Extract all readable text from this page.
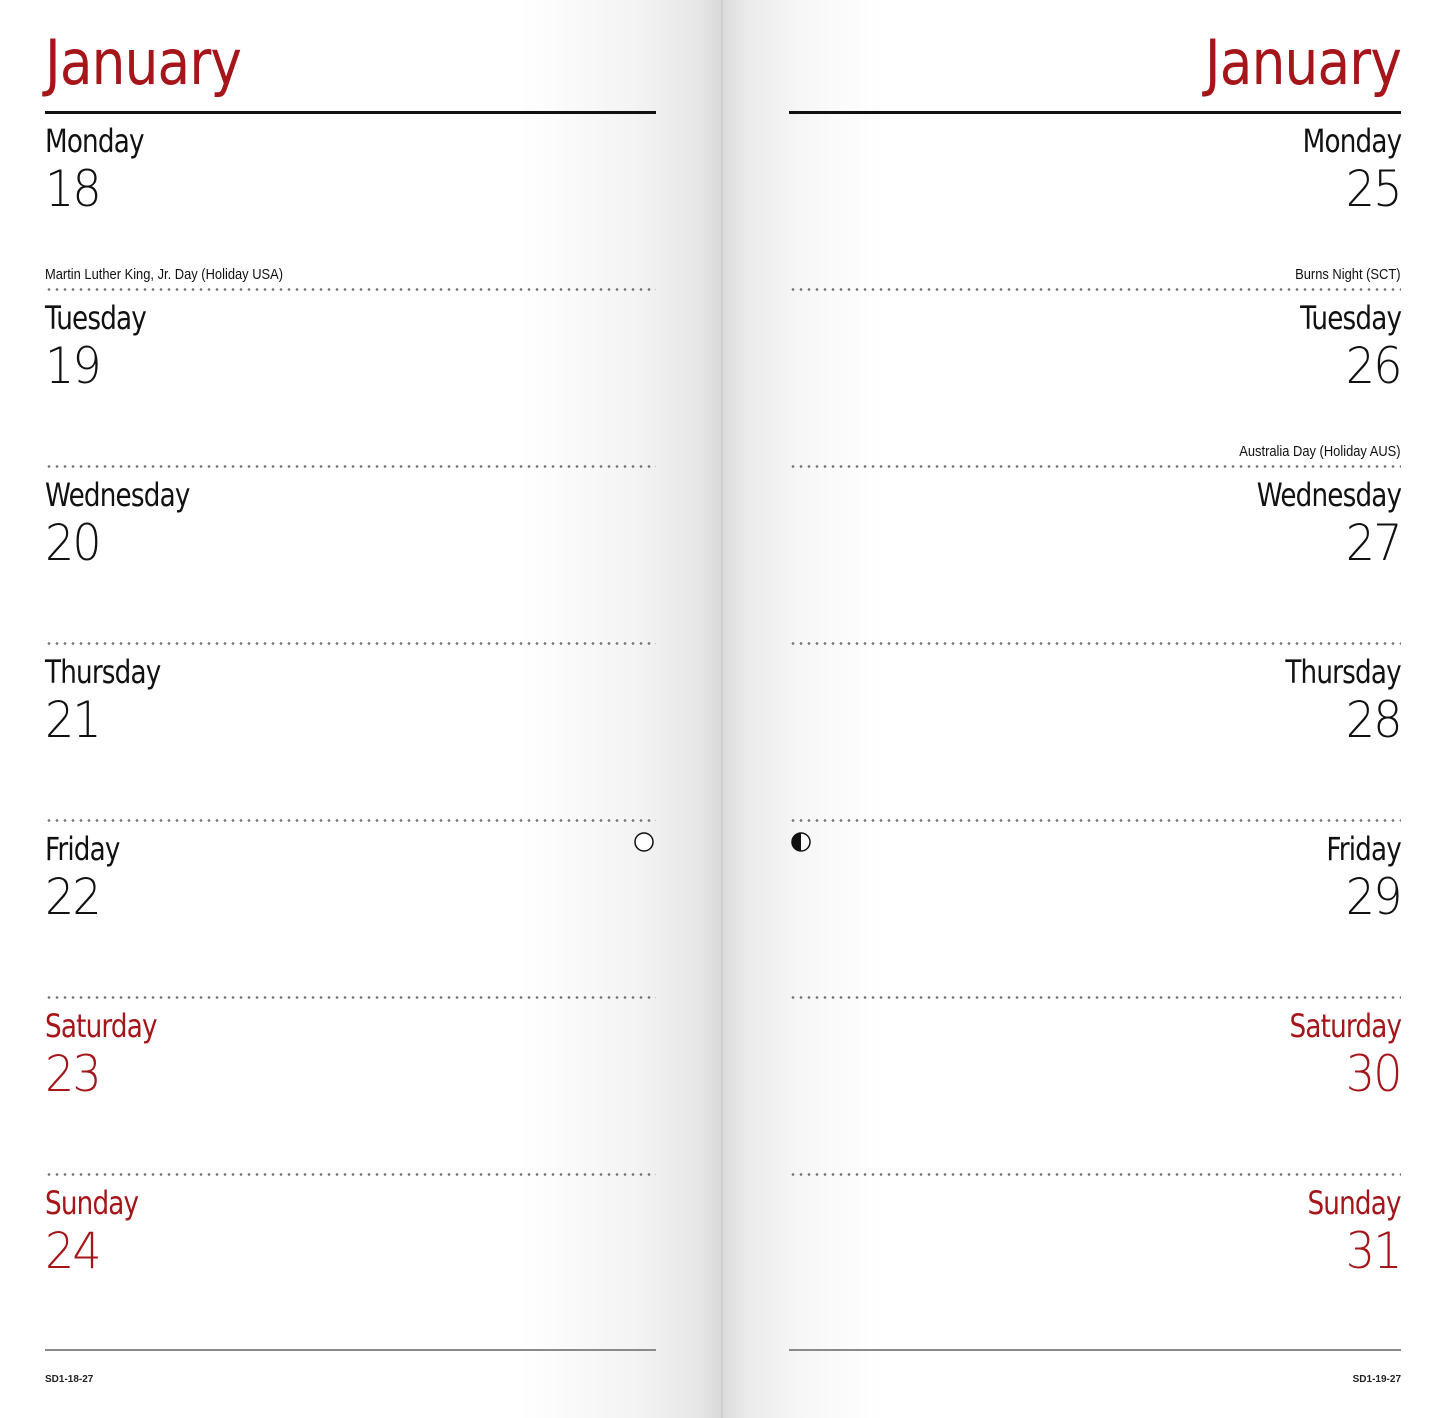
January
Monday
18
Martin Luther King, Jr. Day (Holiday USA)
Tuesday
19
Wednesday
20
Thursday
21
Friday
22
Saturday
23
Sunday
24
SD1-18-27
January
Monday
25
Burns Night (SCT)
Tuesday
26
Australia Day (Holiday AUS)
Wednesday
27
Thursday
28
Friday
29
Saturday
30
Sunday
31
SD1-19-27
